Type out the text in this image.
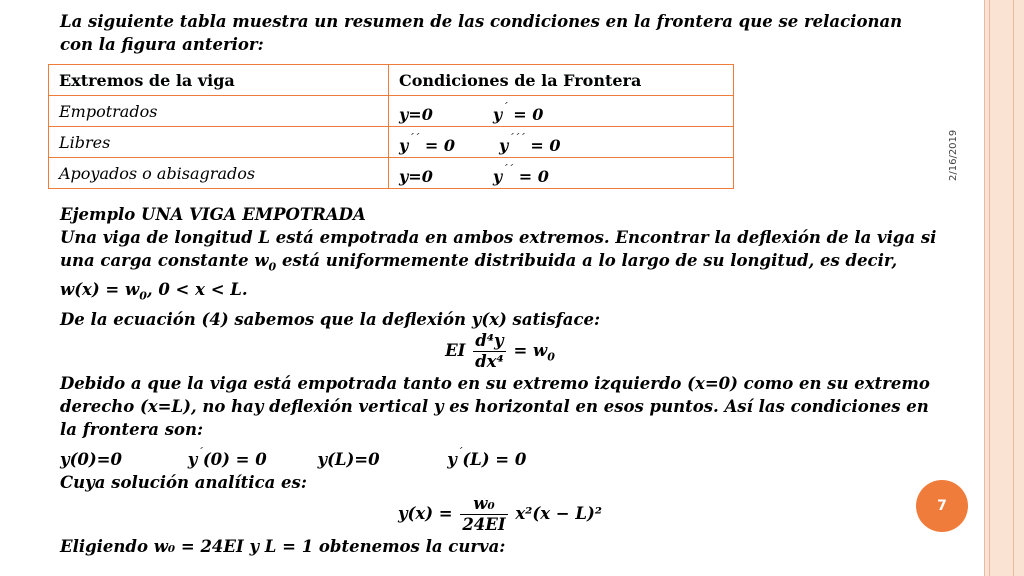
2/16/2019
7

La siguiente tabla muestra un resumen de las condiciones en la frontera que se relacionan con la figura anterior:

Extremos de la viga	Condiciones de la Frontera
Empotrados	y=0 y´ = 0
Libres	y´´ = 0 y´´´ = 0
Apoyados o abisagrados	y=0 y´´ = 0

Ejemplo UNA VIGA EMPOTRADA

Una viga de longitud L está empotrada en ambos extremos. Encontrar la deflexión de la viga si una carga constante $w_0$ está uniformemente distribuida a lo largo de su longitud, es decir, $w(x) = w_0$, 0 < x < L.

De la ecuación (4) sabemos que la deflexión y(x) satisface:

EI $\frac{\text{d⁴y}}{\text{dx⁴}} = w_0$

Debido a que la viga está empotrada tanto en su extremo izquierdo (x=0) como en su extremo derecho (x=L), no hay deflexión vertical y es horizontal en esos puntos. Así las condiciones en la frontera son:

y(0)=0	y´(0) = 0	y(L)=0	y´(L) = 0

Cuya solución analítica es:

$y(x) = \frac{\text{w₀}}{24EI} x^2(x - L)^2$

Eligiendo w₀ = 24EI y L = 1 obtenemos la curva:
